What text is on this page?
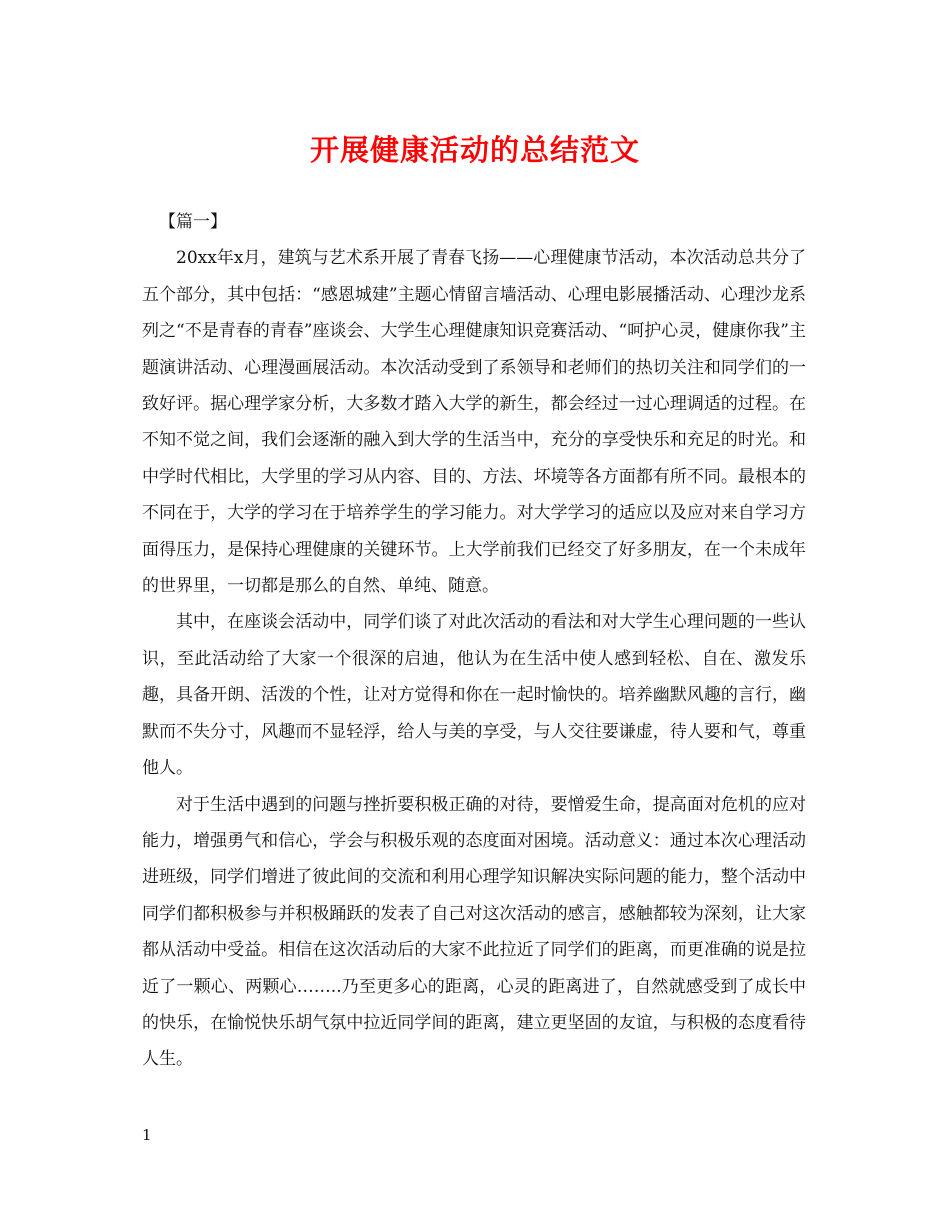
开展健康活动的总结范文

【篇一】

20xx年x月，建筑与艺术系开展了青春飞扬——心理健康节活动，本次活动总共分了五个部分，其中包括：“感恩城建”主题心情留言墙活动、心理电影展播活动、心理沙龙系列之“不是青春的青春”座谈会、大学生心理健康知识竞赛活动、“呵护心灵，健康你我”主题演讲活动、心理漫画展活动。本次活动受到了系领导和老师们的热切关注和同学们的一致好评。据心理学家分析，大多数才踏入大学的新生，都会经过一过心理调适的过程。在不知不觉之间，我们会逐渐的融入到大学的生活当中，充分的享受快乐和充足的时光。和中学时代相比，大学里的学习从内容、目的、方法、坏境等各方面都有所不同。最根本的不同在于，大学的学习在于培养学生的学习能力。对大学学习的适应以及应对来自学习方面得压力，是保持心理健康的关键环节。上大学前我们已经交了好多朋友，在一个未成年的世界里，一切都是那么的自然、单纯、随意。

其中，在座谈会活动中，同学们谈了对此次活动的看法和对大学生心理问题的一些认识，至此活动给了大家一个很深的启迪，他认为在生活中使人感到轻松、自在、激发乐趣，具备开朗、活泼的个性，让对方觉得和你在一起时愉快的。培养幽默风趣的言行，幽默而不失分寸，风趣而不显轻浮，给人与美的享受，与人交往要谦虚，待人要和气，尊重他人。

对于生活中遇到的问题与挫折要积极正确的对待，要憎爱生命，提高面对危机的应对能力，增强勇气和信心，学会与积极乐观的态度面对困境。活动意义：通过本次心理活动进班级，同学们增进了彼此间的交流和利用心理学知识解决实际问题的能力，整个活动中同学们都积极参与并积极踊跃的发表了自己对这次活动的感言，感触都较为深刻，让大家都从活动中受益。相信在这次活动后的大家不此拉近了同学们的距离，而更准确的说是拉近了一颗心、两颗心……..乃至更多心的距离，心灵的距离进了，自然就感受到了成长中的快乐，在愉悦快乐胡气氛中拉近同学间的距离，建立更坚固的友谊，与积极的态度看待人生。

1
